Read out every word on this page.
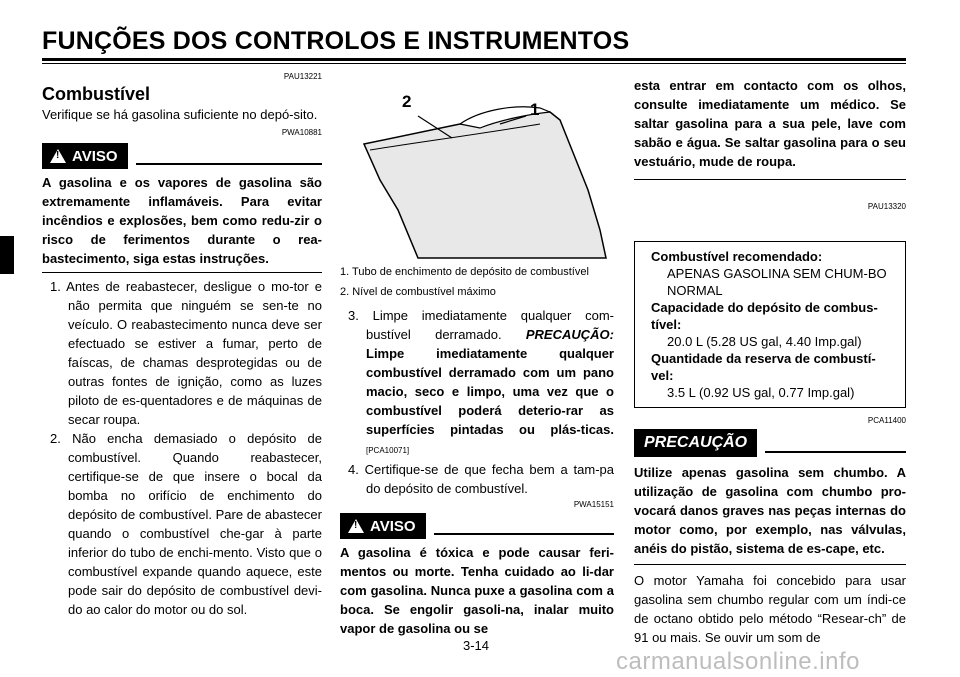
FUNÇÕES DOS CONTROLOS E INSTRUMENTOS
3
PAU13221
Combustível

Verifique se há gasolina suficiente no depó-sito.

PWA10881
! AVISO

A gasolina e os vapores de gasolina são extremamente inflamáveis. Para evitar incêndios e explosões, bem como redu-zir o risco de ferimentos durante o rea-bastecimento, siga estas instruções.

1. Antes de reabastecer, desligue o mo-tor e não permita que ninguém se sen-te no veículo. O reabastecimento nunca deve ser efectuado se estiver a fumar, perto de faíscas, de chamas desprotegidas ou de outras fontes de ignição, como as luzes piloto de es-quentadores e de máquinas de secar roupa.

2. Não encha demasiado o depósito de combustível. Quando reabastecer, certifique-se de que insere o bocal da bomba no orifício de enchimento do depósito de combustível. Pare de abastecer quando o combustível che-gar à parte inferior do tubo de enchi-mento. Visto que o combustível expande quando aquece, este pode sair do depósito de combustível devi-do ao calor do motor ou do sol.

2	1

1. Tubo de enchimento de depósito de combustível

2. Nível de combustível máximo

3. Limpe imediatamente qualquer com-bustível derramado. PRECAUÇÃO: Limpe imediatamente qualquer combustível derramado com um pano macio, seco e limpo, uma vez que o combustível poderá deterio-rar as superfícies pintadas ou plás-ticas.[PCA10071]

4. Certifique-se de que fecha bem a tam-pa do depósito de combustível.

PWA15151
! AVISO

A gasolina é tóxica e pode causar feri-mentos ou morte. Tenha cuidado ao li-dar com gasolina. Nunca puxe a gasolina com a boca. Se engolir gasoli-na, inalar muito vapor de gasolina ou se

esta entrar em contacto com os olhos, consulte imediatamente um médico. Se saltar gasolina para a sua pele, lave com sabão e água. Se saltar gasolina para o seu vestuário, mude de roupa.

PAU13320

Combustível recomendado:

APENAS GASOLINA SEM CHUM-BO NORMAL

Capacidade do depósito de combus-tível:

20.0 L (5.28 US gal, 4.40 Imp.gal)

Quantidade da reserva de combustí-vel:

3.5 L (0.92 US gal, 0.77 Imp.gal)

PCA11400
PRECAUÇÃO

Utilize apenas gasolina sem chumbo. A utilização de gasolina com chumbo pro-vocará danos graves nas peças internas do motor como, por exemplo, nas válvulas, anéis do pistão, sistema de es-cape, etc.

O motor Yamaha foi concebido para usar gasolina sem chumbo regular com um índi-ce de octano obtido pelo método “Resear-ch” de 91 ou mais. Se ouvir um som de

3-14
carmanualsonline.info
